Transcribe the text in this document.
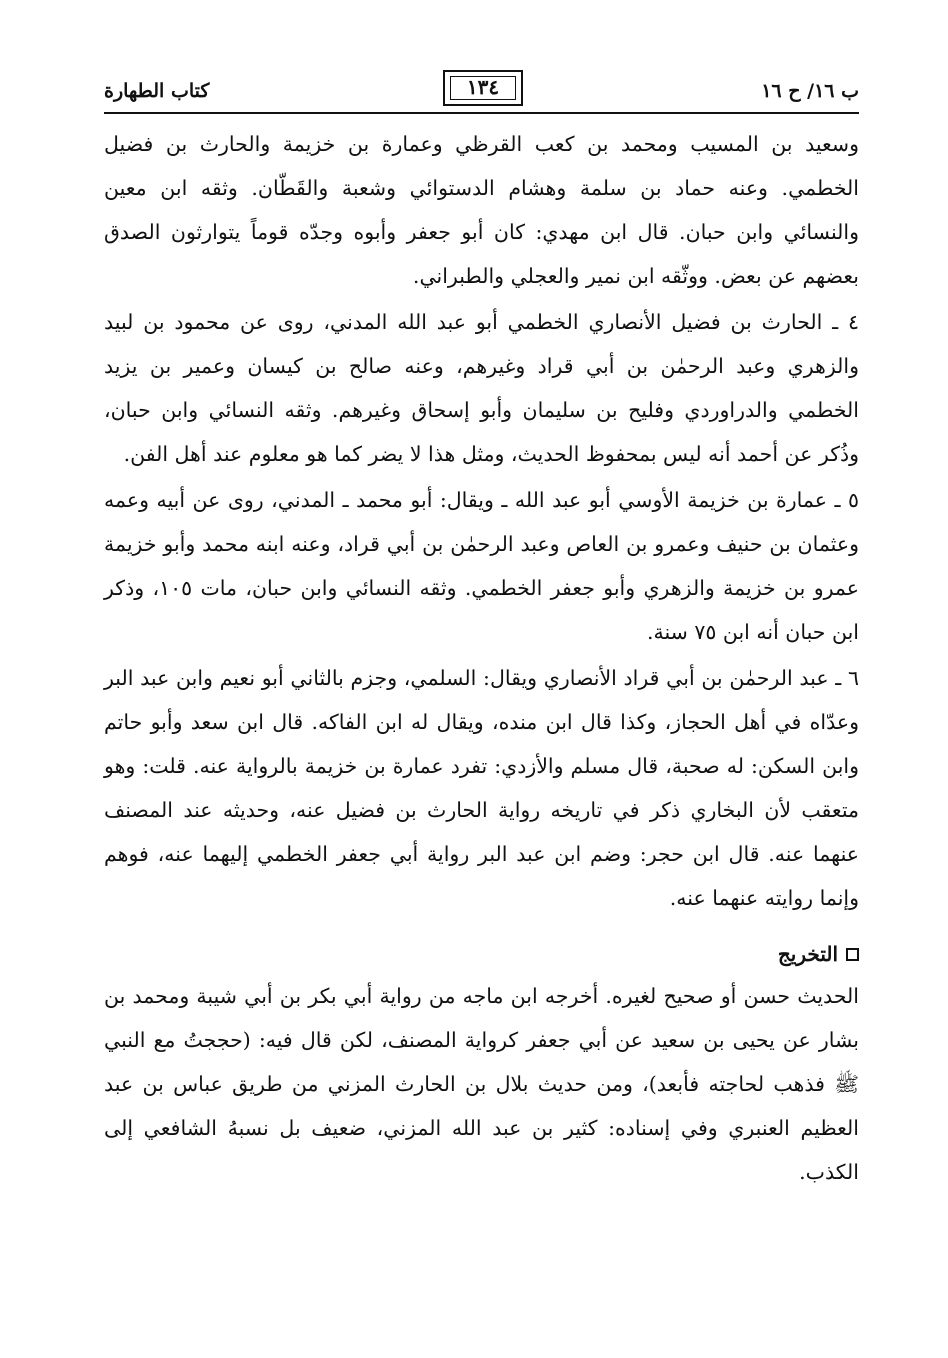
ب ١٦/ ح ١٦
١٣٤
كتاب الطهارة

وسعيد بن المسيب ومحمد بن كعب القرظي وعمارة بن خزيمة والحارث بن فضيل الخطمي. وعنه حماد بن سلمة وهشام الدستوائي وشعبة والقَطّان. وثقه ابن معين والنسائي وابن حبان. قال ابن مهدي: كان أبو جعفر وأبوه وجدّه قوماً يتوارثون الصدق بعضهم عن بعض. ووثّقه ابن نمير والعجلي والطبراني.

٤ ـ الحارث بن فضيل الأنصاري الخطمي أبو عبد الله المدني، روى عن محمود بن لبيد والزهري وعبد الرحمٰن بن أبي قراد وغيرهم، وعنه صالح بن كيسان وعمير بن يزيد الخطمي والدراوردي وفليح بن سليمان وأبو إسحاق وغيرهم. وثقه النسائي وابن حبان، وذُكر عن أحمد أنه ليس بمحفوظ الحديث، ومثل هذا لا يضر كما هو معلوم عند أهل الفن.

٥ ـ عمارة بن خزيمة الأوسي أبو عبد الله ـ ويقال: أبو محمد ـ المدني، روى عن أبيه وعمه وعثمان بن حنيف وعمرو بن العاص وعبد الرحمٰن بن أبي قراد، وعنه ابنه محمد وأبو خزيمة عمرو بن خزيمة والزهري وأبو جعفر الخطمي. وثقه النسائي وابن حبان، مات ١٠٥، وذكر ابن حبان أنه ابن ٧٥ سنة.

٦ ـ عبد الرحمٰن بن أبي قراد الأنصاري ويقال: السلمي، وجزم بالثاني أبو نعيم وابن عبد البر وعدّاه في أهل الحجاز، وكذا قال ابن منده، ويقال له ابن الفاكه. قال ابن سعد وأبو حاتم وابن السكن: له صحبة، قال مسلم والأزدي: تفرد عمارة بن خزيمة بالرواية عنه. قلت: وهو متعقب لأن البخاري ذكر في تاريخه رواية الحارث بن فضيل عنه، وحديثه عند المصنف عنهما عنه. قال ابن حجر: وضم ابن عبد البر رواية أبي جعفر الخطمي إليهما عنه، فوهم وإنما روايته عنهما عنه.

التخريج

الحديث حسن أو صحيح لغيره. أخرجه ابن ماجه من رواية أبي بكر بن أبي شيبة ومحمد بن بشار عن يحيى بن سعيد عن أبي جعفر كرواية المصنف، لكن قال فيه: (حججتُ مع النبي ﷺ فذهب لحاجته فأبعد)، ومن حديث بلال بن الحارث المزني من طريق عباس بن عبد العظيم العنبري وفي إسناده: كثير بن عبد الله المزني، ضعيف بل نسبهُ الشافعي إلى الكذب.
